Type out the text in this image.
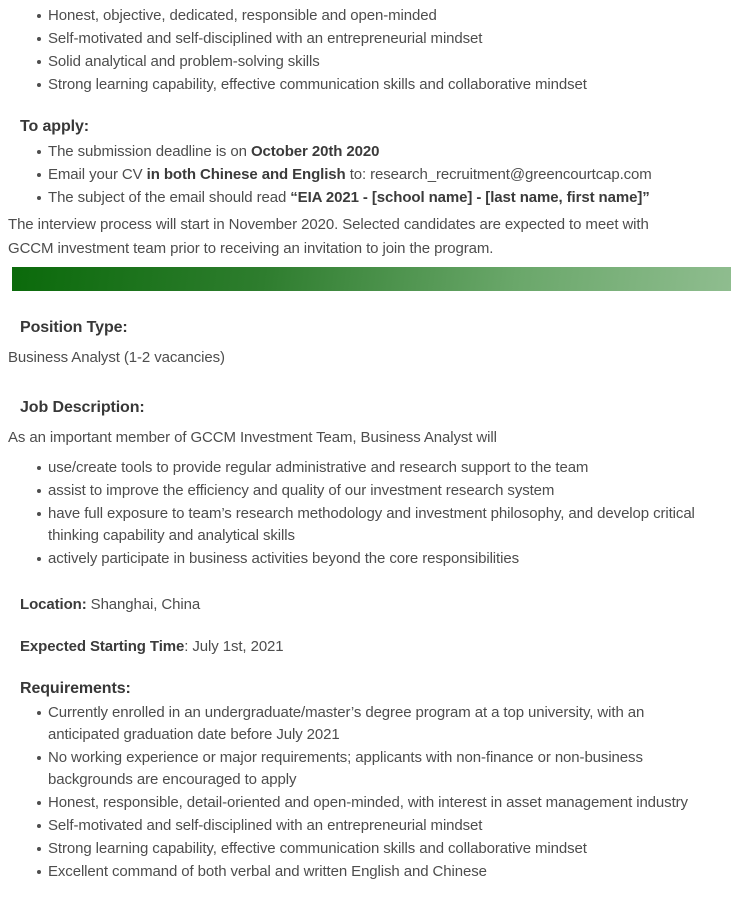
Honest, objective, dedicated, responsible and open-minded
Self-motivated and self-disciplined with an entrepreneurial mindset
Solid analytical and problem-solving skills
Strong learning capability, effective communication skills and collaborative mindset
To apply:
The submission deadline is on October 20th 2020
Email your CV in both Chinese and English to: research_recruitment@greencourtcap.com
The subject of the email should read “EIA 2021 - [school name] - [last name, first name]”

The interview process will start in November 2020. Selected candidates are expected to meet with GCCM investment team prior to receiving an invitation to join the program.

Position Type:

Business Analyst (1-2 vacancies)

Job Description:

As an important member of GCCM Investment Team, Business Analyst will

use/create tools to provide regular administrative and research support to the team
assist to improve the efficiency and quality of our investment research system
have full exposure to team’s research methodology and investment philosophy, and develop critical thinking capability and analytical skills
actively participate in business activities beyond the core responsibilities

Location: Shanghai, China

Expected Starting Time: July 1st, 2021

Requirements:
Currently enrolled in an undergraduate/master’s degree program at a top university, with an anticipated graduation date before July 2021
No working experience or major requirements; applicants with non-finance or non-business backgrounds are encouraged to apply
Honest, responsible, detail-oriented and open-minded, with interest in asset management industry
Self-motivated and self-disciplined with an entrepreneurial mindset
Strong learning capability, effective communication skills and collaborative mindset
Excellent command of both verbal and written English and Chinese
